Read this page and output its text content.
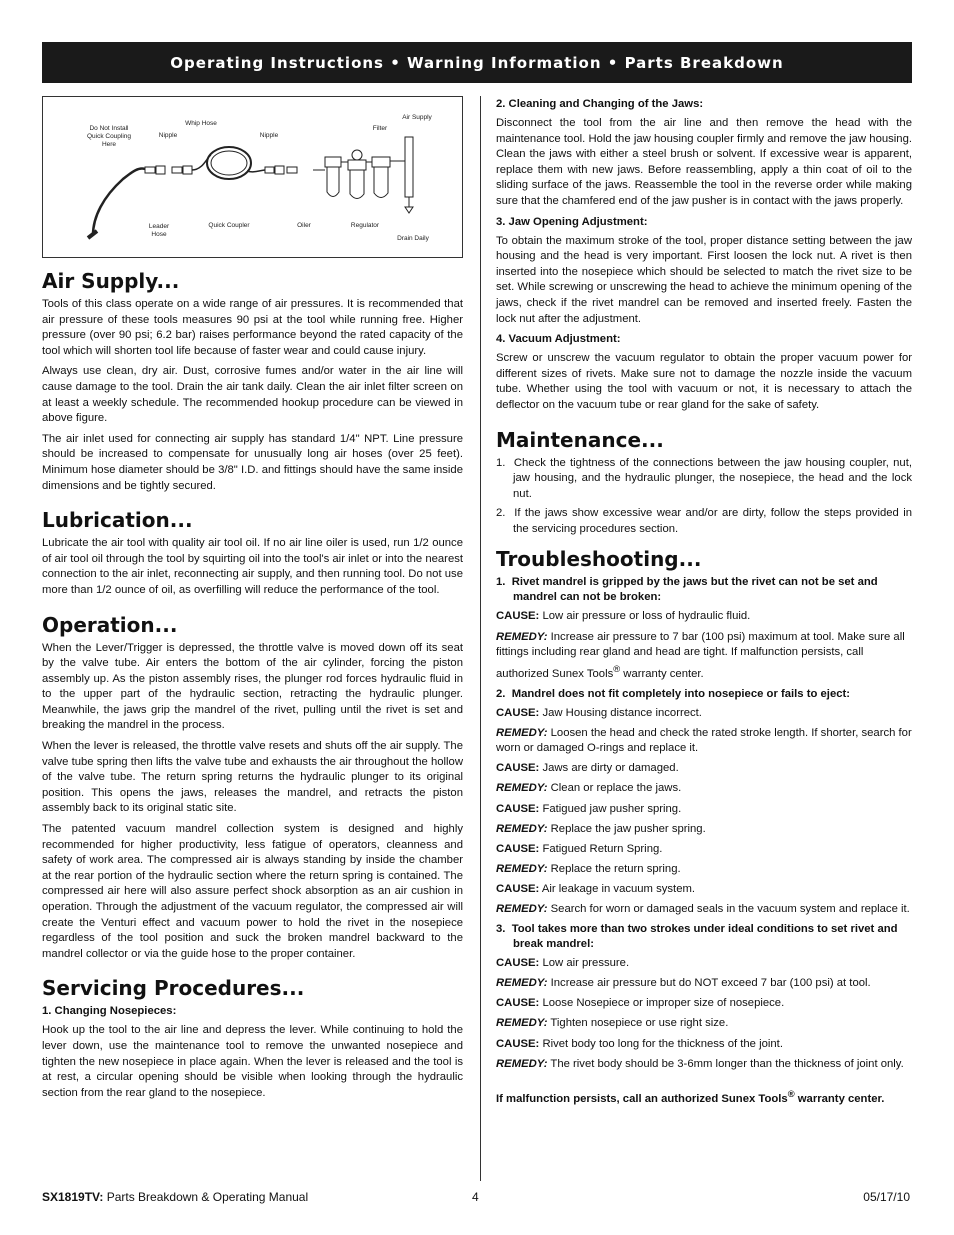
Operating Instructions • Warning Information • Parts Breakdown
Do Not Install
Quick Coupling
Here
Nipple
Whip Hose
Nipple
Filter
Air Supply
Leader
Hose
Quick Coupler	Oiler	Regulator
Drain Daily
Air Supply...

Tools of this class operate on a wide range of air pressures. It is recommended that air pressure of these tools measures 90 psi at the tool while running free. Higher pressure (over 90 psi; 6.2 bar) raises performance beyond the rated capacity of the tool which will shorten tool life because of faster wear and could cause injury.

Always use clean, dry air. Dust, corrosive fumes and/or water in the air line will cause damage to the tool. Drain the air tank daily. Clean the air inlet filter screen on at least a weekly schedule. The recommended hookup procedure can be viewed in above figure.

The air inlet used for connecting air supply has standard 1/4" NPT. Line pressure should be increased to compensate for unusually long air hoses (over 25 feet). Minimum hose diameter should be 3/8" I.D. and fittings should have the same inside dimensions and be tightly secured.

Lubrication...

Lubricate the air tool with quality air tool oil. If no air line oiler is used, run 1/2 ounce of air tool oil through the tool by squirting oil into the tool's air inlet or into the nearest connection to the air inlet, reconnecting air supply, and then running tool. Do not use more than 1/2 ounce of oil, as overfilling will reduce the performance of the tool.

Operation...

When the Lever/Trigger is depressed, the throttle valve is moved down off its seat by the valve tube. Air enters the bottom of the air cylinder, forcing the piston assembly up. As the piston assembly rises, the plunger rod forces hydraulic fluid in to the upper part of the hydraulic section, retracting the hydraulic plunger. Meanwhile, the jaws grip the mandrel of the rivet, pulling until the rivet is set and breaking the mandrel in the process.

When the lever is released, the throttle valve resets and shuts off the air supply. The valve tube spring then lifts the valve tube and exhausts the air throughout the hollow of the valve tube. The return spring returns the hydraulic plunger to its original position. This opens the jaws, releases the mandrel, and retracts the piston assembly back to its original static site.

The patented vacuum mandrel collection system is designed and highly recommended for higher productivity, less fatigue of operators, cleanness and safety of work area. The compressed air is always standing by inside the chamber at the rear portion of the hydraulic section where the return spring is contained. The compressed air here will also assure perfect shock absorption as an air cushion in operation. Through the adjustment of the vacuum regulator, the compressed air will create the Venturi effect and vacuum power to hold the rivet in the nosepiece regardless of the tool position and suck the broken mandrel backward to the mandrel collector or via the guide hose to the proper container.

Servicing Procedures...
1. Changing Nosepieces:

Hook up the tool to the air line and depress the lever. While continuing to hold the lever down, use the maintenance tool to remove the unwanted nosepiece and tighten the new nosepiece in place again. When the lever is released and the tool is at rest, a circular opening should be visible when looking through the hydraulic section from the rear gland to the nosepiece.

2. Cleaning and Changing of the Jaws:

Disconnect the tool from the air line and then remove the head with the maintenance tool. Hold the jaw housing coupler firmly and remove the jaw housing. Clean the jaws with either a steel brush or solvent. If excessive wear is apparent, replace them with new jaws. Before reassembling, apply a thin coat of oil to the sliding surface of the jaws. Reassemble the tool in the reverse order while making sure that the chamfered end of the jaw pusher is in contact with the jaws properly.

3. Jaw Opening Adjustment:

To obtain the maximum stroke of the tool, proper distance setting between the jaw housing and the head is very important. First loosen the lock nut. A rivet is then inserted into the nosepiece which should be selected to match the rivet size to be set. While screwing or unscrewing the head to achieve the minimum opening of the jaws, check if the rivet mandrel can be removed and inserted freely. Fasten the lock nut after the adjustment.

4. Vacuum Adjustment:

Screw or unscrew the vacuum regulator to obtain the proper vacuum power for different sizes of rivets. Make sure not to damage the nozzle inside the vacuum tube. Whether using the tool with vacuum or not, it is necessary to attach the deflector on the vacuum tube or rear gland for the sake of safety.

Maintenance...
1.  Check the tightness of the connections between the jaw housing coupler, nut, jaw housing, and the hydraulic plunger, the nosepiece, the head and the lock nut.
2.  If the jaws show excessive wear and/or are dirty, follow the steps provided in the servicing procedures section.
Troubleshooting...
1.  Rivet mandrel is gripped by the jaws but the rivet can not be set and mandrel can not be broken:
CAUSE: Low air pressure or loss of hydraulic fluid.
REMEDY: Increase air pressure to 7 bar (100 psi) maximum at tool. Make sure all fittings including rear gland and head are tight. If malfunction persists, call authorized Sunex Tools® warranty center.
2.  Mandrel does not fit completely into nosepiece or fails to eject:
CAUSE: Jaw Housing distance incorrect.
REMEDY: Loosen the head and check the rated stroke length. If shorter, search for worn or damaged O-rings and replace it.
CAUSE: Jaws are dirty or damaged.
REMEDY: Clean or replace the jaws.
CAUSE: Fatigued jaw pusher spring.
REMEDY: Replace the jaw pusher spring.
CAUSE: Fatigued Return Spring.
REMEDY: Replace the return spring.
CAUSE: Air leakage in vacuum system.
REMEDY: Search for worn or damaged seals in the vacuum system and replace it.
3.  Tool takes more than two strokes under ideal conditions to set rivet and break mandrel:
CAUSE: Low air pressure.
REMEDY: Increase air pressure but do NOT exceed 7 bar (100 psi) at tool.
CAUSE: Loose Nosepiece or improper size of nosepiece.
REMEDY: Tighten nosepiece or use right size.
CAUSE: Rivet body too long for the thickness of the joint.
REMEDY: The rivet body should be 3-6mm longer than the thickness of joint only.
If malfunction persists, call an authorized Sunex Tools® warranty center.
SX1819TV: Parts Breakdown & Operating Manual	4	05/17/10
